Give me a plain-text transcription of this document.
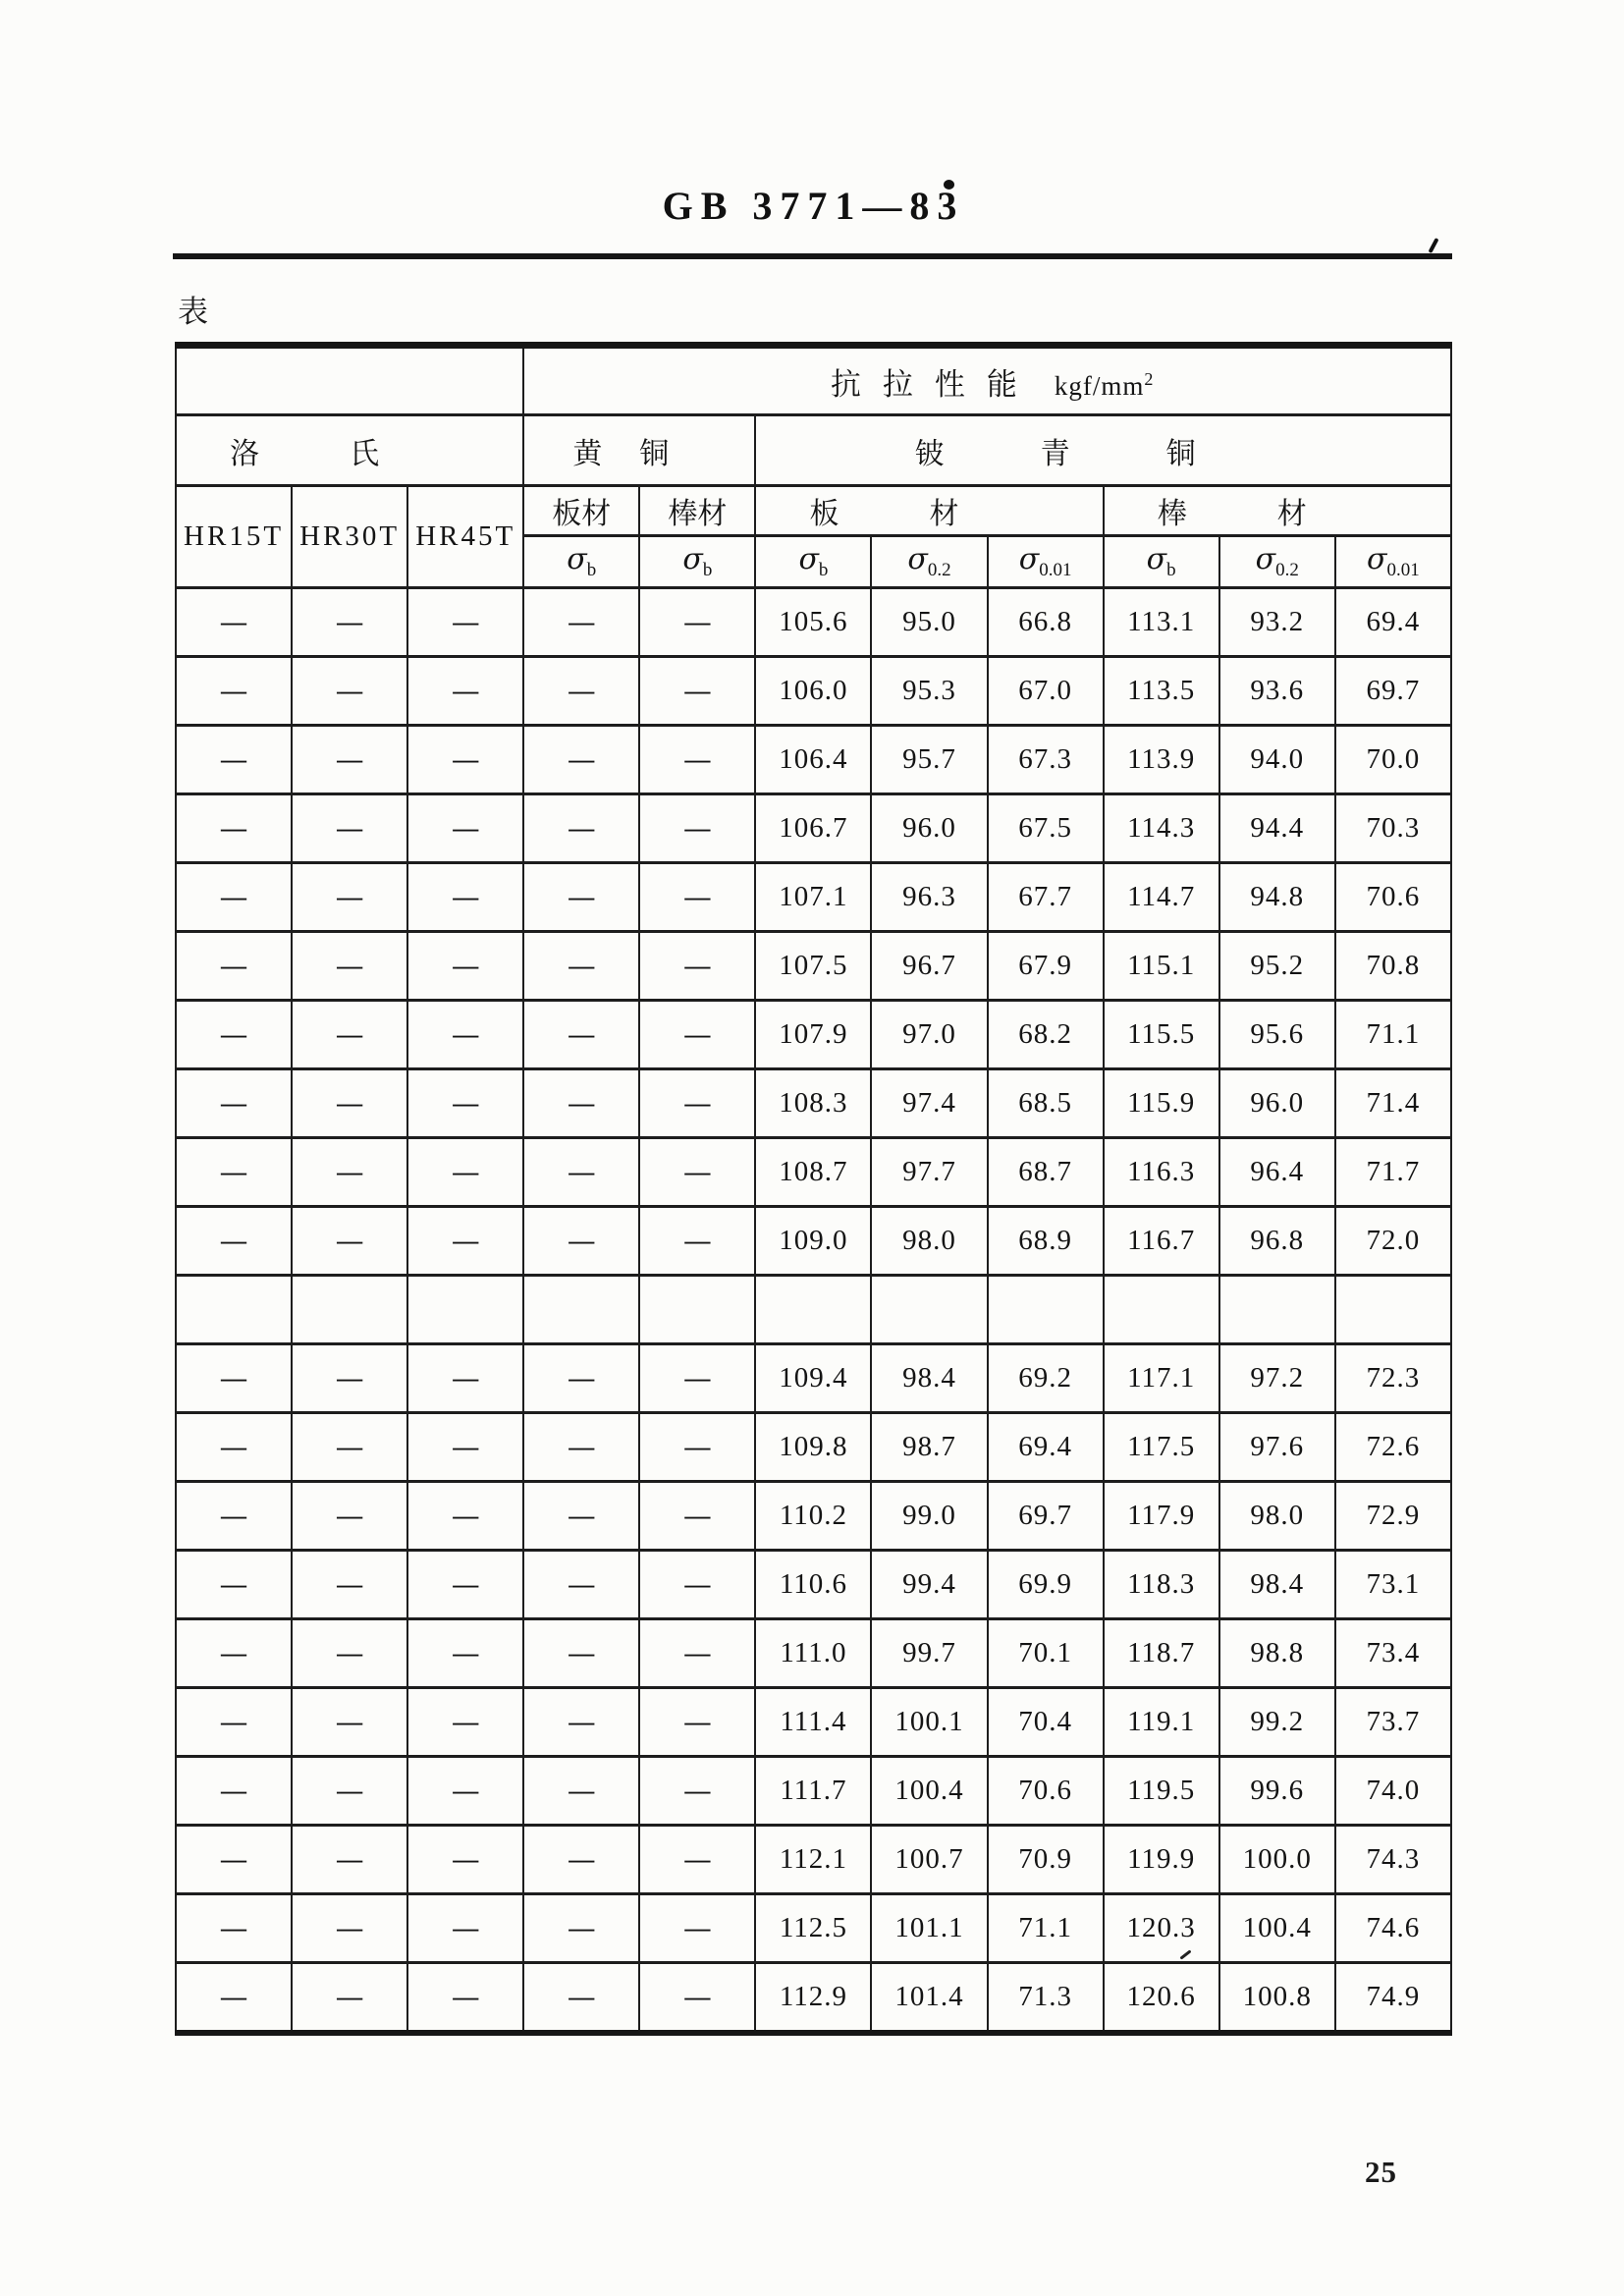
GB 3771—83
表
			抗拉性能 kgf/$mm^2$
洛氏			黄铜		铍青铜					
HR15T	HR30T	HR45T	板材	棒材	板材			棒材		
			$\sigma_b$	$\sigma_b$	$\sigma_b$	$\sigma_{0.2}$	$\sigma_{0.01}$	$\sigma_b$	$\sigma_{0.2}$	$\sigma_{0.01}$
—	—	—	—	—	105.6	95.0	66.8	113.1	93.2	69.4
—	—	—	—	—	106.0	95.3	67.0	113.5	93.6	69.7
—	—	—	—	—	106.4	95.7	67.3	113.9	94.0	70.0
—	—	—	—	—	106.7	96.0	67.5	114.3	94.4	70.3
—	—	—	—	—	107.1	96.3	67.7	114.7	94.8	70.6
—	—	—	—	—	107.5	96.7	67.9	115.1	95.2	70.8
—	—	—	—	—	107.9	97.0	68.2	115.5	95.6	71.1
—	—	—	—	—	108.3	97.4	68.5	115.9	96.0	71.4
—	—	—	—	—	108.7	97.7	68.7	116.3	96.4	71.7
—	—	—	—	—	109.0	98.0	68.9	116.7	96.8	72.0

—	—	—	—	—	109.4	98.4	69.2	117.1	97.2	72.3
—	—	—	—	—	109.8	98.7	69.4	117.5	97.6	72.6
—	—	—	—	—	110.2	99.0	69.7	117.9	98.0	72.9
—	—	—	—	—	110.6	99.4	69.9	118.3	98.4	73.1
—	—	—	—	—	111.0	99.7	70.1	118.7	98.8	73.4
—	—	—	—	—	111.4	100.1	70.4	119.1	99.2	73.7
—	—	—	—	—	111.7	100.4	70.6	119.5	99.6	74.0
—	—	—	—	—	112.1	100.7	70.9	119.9	100.0	74.3
—	—	—	—	—	112.5	101.1	71.1	120.3	100.4	74.6
—	—	—	—	—	112.9	101.4	71.3	120.6	100.8	74.9
25
